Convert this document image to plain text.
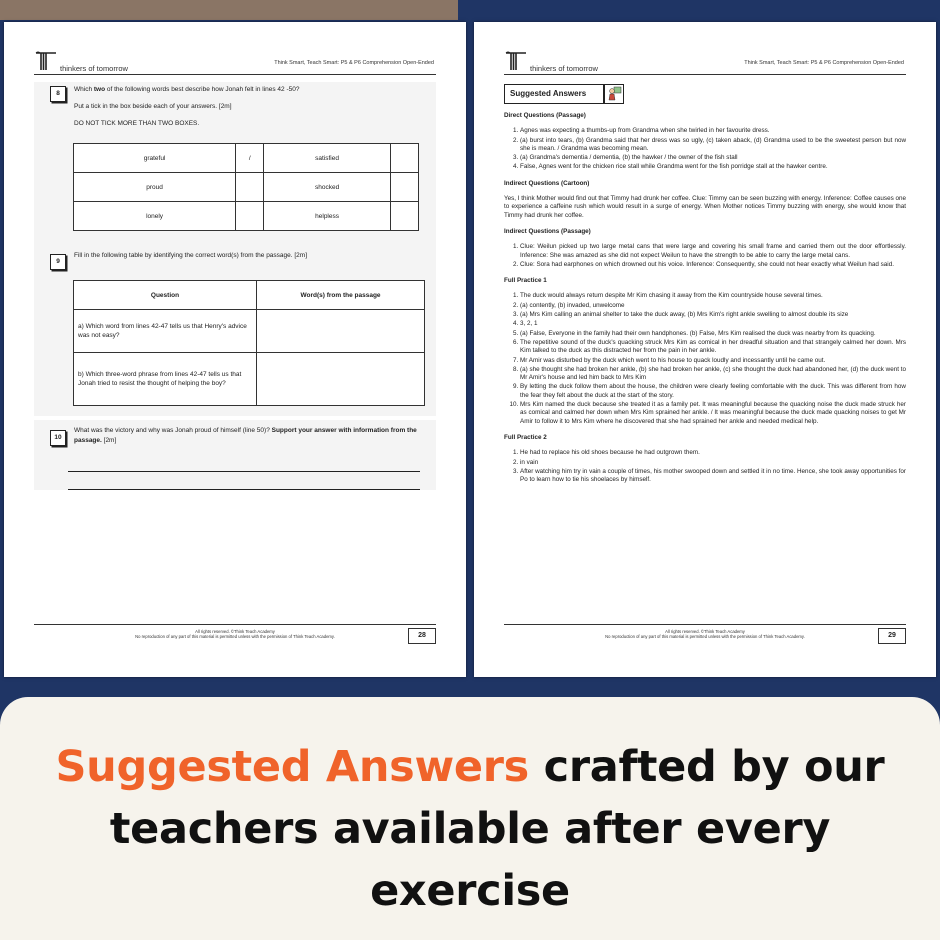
thinkers of tomorrow
Think Smart, Teach Smart: P5 & P6 Comprehension Open-Ended
8
Which two of the following words best describe how Jonah felt in lines 42 -50?
Put a tick in the box beside each of your answers. [2m]
DO NOT TICK MORE THAN TWO BOXES.
grateful	/	satisfied	
proud		shocked	
lonely		helpless	
9
Fill in the following table by identifying the correct word(s) from the passage. [2m]
Question	Word(s) from the passage
a) Which word from lines 42-47 tells us that Henry's advice was not easy?	
b) Which three-word phrase from lines 42-47 tells us that Jonah tried to resist the thought of helping the boy?	
10
What was the victory and why was Jonah proud of himself (line 50)? Support your answer with information from the passage. [2m]
All rights reserved. ©Think Teach Academy
No reproduction of any part of this material is permitted unless with the permission of Think Teach Academy.	28
thinkers of tomorrow
Think Smart, Teach Smart: P5 & P6 Comprehension Open-Ended
Suggested Answers
Direct Questions (Passage)
1. Agnes was expecting a thumbs-up from Grandma when she twirled in her favourite dress.
2. (a) burst into tears, (b) Grandma said that her dress was so ugly, (c) taken aback, (d) Grandma used to be the sweetest person but now she is mean. / Grandma was becoming mean.
3. (a) Grandma's dementia / dementia, (b) the hawker / the owner of the fish stall
4. False, Agnes went for the chicken rice stall while Grandma went for the fish porridge stall at the hawker centre.
Indirect Questions (Cartoon)
Yes, I think Mother would find out that Timmy had drunk her coffee. Clue: Timmy can be seen buzzing with energy. Inference: Coffee causes one to experience a caffeine rush which would result in a surge of energy. When Mother notices Timmy buzzing with energy, she would know that Timmy had drunk her coffee.
Indirect Questions (Passage)
1. Clue: Weilun picked up two large metal cans that were large and covering his small frame and carried them out the door effortlessly. Inference: She was amazed as she did not expect Weilun to have the strength to be able to carry the large metal cans.
2. Clue: Sora had earphones on which drowned out his voice. Inference: Consequently, she could not hear exactly what Weilun had said.
Full Practice 1
1. The duck would always return despite Mr Kim chasing it away from the Kim countryside house several times.
2. (a) contently, (b) invaded, unwelcome
3. (a) Mrs Kim calling an animal shelter to take the duck away, (b) Mrs Kim's right ankle swelling to almost double its size
4. 3, 2, 1
5. (a) False, Everyone in the family had their own handphones. (b) False, Mrs Kim realised the duck was nearby from its quacking.
6. The repetitive sound of the duck's quacking struck Mrs Kim as comical in her dreadful situation and that strangely calmed her down. Mrs Kim talked to the duck as this distracted her from the pain in her ankle.
7. Mr Amir was disturbed by the duck which went to his house to quack loudly and incessantly until he came out.
8. (a) she thought she had broken her ankle, (b) she had broken her ankle, (c) she thought the duck had abandoned her, (d) the duck went to Mr Amir's house and led him back to Mrs Kim
9. By letting the duck follow them about the house, the children were clearly feeling comfortable with the duck. This was different from how the fear they felt about the duck at the start of the story.
10. Mrs Kim named the duck because she treated it as a family pet. It was meaningful because the quacking noise the duck made struck her as comical and calmed her down when Mrs Kim sprained her ankle. / It was meaningful because the duck made quacking noises to get Mr Amir to follow it to Mrs Kim where he discovered that she had sprained her ankle and needed medical help.
Full Practice 2
1. He had to replace his old shoes because he had outgrown them.
2. in vain
3. After watching him try in vain a couple of times, his mother swooped down and settled it in no time. Hence, she took away opportunities for Po to learn how to tie his shoelaces by himself.
All rights reserved. ©Think Teach Academy
No reproduction of any part of this material is permitted unless with the permission of Think Teach Academy.	29
Suggested Answers crafted by our teachers available after every exercise
